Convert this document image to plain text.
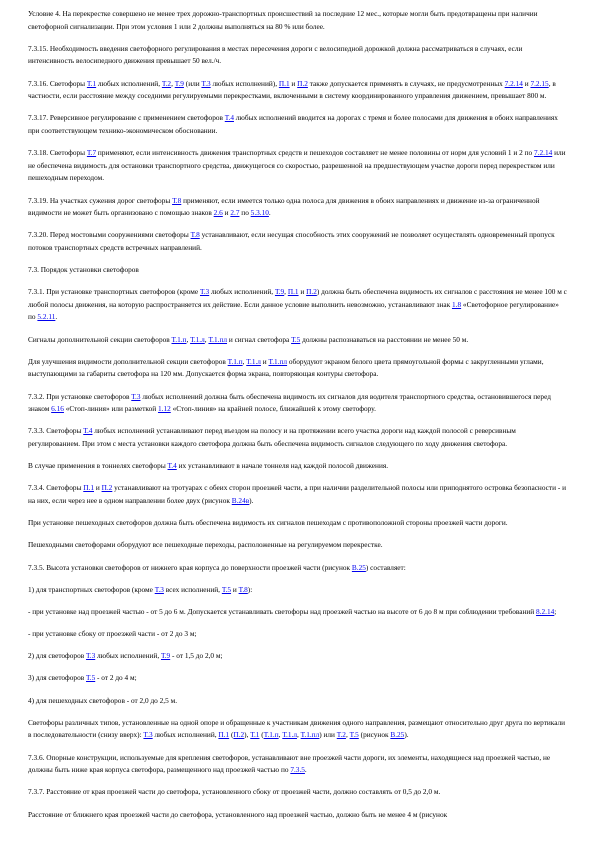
Условие 4. На перекрестке совершено не менее трех дорожно-транспортных происшествий за последние 12 мес., которые могли быть предотвращены при наличии светофорной сигнализации. При этом условия 1 или 2 должны выполняться на 80 % или более.

7.3.15. Необходимость введения светофорного регулирования в местах пересечения дороги с велосипедной дорожкой должна рассматриваться в случаях, если интенсивность велосипедного движения превышает 50 вел./ч.

7.3.16. Светофоры Т.1 любых исполнений, Т.2, Т.9 (или Т.3 любых исполнений), П.1 и П.2 также допускается применять в случаях, не предусмотренных 7.2.14 и 7.2.15, в частности, если расстояние между соседними регулируемыми перекрестками, включенными в систему координированного управления движением, превышает 800 м.

7.3.17. Реверсивное регулирование с применением светофоров Т.4 любых исполнений вводится на дорогах с тремя и более полосами для движения в обоих направлениях при соответствующем технико-экономическом обосновании.

7.3.18. Светофоры Т.7 применяют, если интенсивность движения транспортных средств и пешеходов составляет не менее половины от норм для условий 1 и 2 по 7.2.14 или не обеспечена видимость для остановки транспортного средства, движущегося со скоростью, разрешенной на предшествующем участке дороги перед перекрестком или пешеходным переходом.

7.3.19. На участках сужения дорог светофоры Т.8 применяют, если имеется только одна полоса для движения в обоих направлениях и движение из-за ограниченной видимости не может быть организовано с помощью знаков 2.6 и 2.7 по 5.3.10.

7.3.20. Перед мостовыми сооружениями светофоры Т.8 устанавливают, если несущая способность этих сооружений не позволяет осуществлять одновременный пропуск потоков транспортных средств встречных направлений.

7.3. Порядок установки светофоров

7.3.1. При установке транспортных светофоров (кроме Т.3 любых исполнений, Т.9, П.1 и П.2) должна быть обеспечена видимость их сигналов с расстояния не менее 100 м с любой полосы движения, на которую распространяется их действие. Если данное условие выполнить невозможно, устанавливают знак 1.8 «Светофорное регулирование» по 5.2.11.

Сигналы дополнительной секции светофоров Т.1.п, Т.1.л, Т.1.пл и сигнал светофора Т.5 должны распознаваться на расстоянии не менее 50 м.

Для улучшения видимости дополнительной секции светофоров Т.1.п, Т.1.л и Т.1.пл оборудуют экраном белого цвета прямоугольной формы с закругленными углами, выступающими за габариты светофора на 120 мм. Допускается форма экрана, повторяющая контуры светофора.

7.3.2. При установке светофоров Т.3 любых исполнений должна быть обеспечена видимость их сигналов для водителя транспортного средства, остановившегося перед знаком 6.16 «Стоп-линия» или разметкой 1.12 «Стоп-линия» на крайней полосе, ближайшей к этому светофору.

7.3.3. Светофоры Т.4 любых исполнений устанавливают перед въездом на полосу и на протяжении всего участка дороги над каждой полосой с реверсивным регулированием. При этом с места установки каждого светофора должна быть обеспечена видимость сигналов следующего по ходу движения светофора.

В случае применения в тоннелях светофоры Т.4 их устанавливают в начале тоннеля над каждой полосой движения.

7.3.4. Светофоры П.1 и П.2 устанавливают на тротуарах с обеих сторон проезжей части, а при наличии разделительной полосы или приподнятого островка безопасности - и на них, если через нее в одном направлении более двух (рисунок В.24в).

При установке пешеходных светофоров должна быть обеспечена видимость их сигналов пешеходам с противоположной стороны проезжей части дороги.

Пешеходными светофорами оборудуют все пешеходные переходы, расположенные на регулируемом перекрестке.

7.3.5. Высота установки светофоров от нижнего края корпуса до поверхности проезжей части (рисунок В.25) составляет:

1) для транспортных светофоров (кроме Т.3 всех исполнений, Т.5 и Т.8):

- при установке над проезжей частью - от 5 до 6 м. Допускается устанавливать светофоры над проезжей частью на высоте от 6 до 8 м при соблюдении требований 8.2.14;

- при установке сбоку от проезжей части - от 2 до 3 м;

2) для светофоров Т.3 любых исполнений, Т.9 - от 1,5 до 2,0 м;

3) для светофоров Т.5 - от 2 до 4 м;

4) для пешеходных светофоров - от 2,0 до 2,5 м.

Светофоры различных типов, установленные на одной опоре и обращенные к участникам движения одного направления, размещают относительно друг друга по вертикали в последовательности (снизу вверх): Т.3 любых исполнений, П.1 (П.2), Т.1 (Т.1.п, Т.1.л, Т.1.пл) или Т.2, Т.5 (рисунок В.25).

7.3.6. Опорные конструкции, используемые для крепления светофоров, устанавливают вне проезжей части дороги, их элементы, находящиеся над проезжей частью, не должны быть ниже края корпуса светофора, размещенного над проезжей частью по 7.3.5.

7.3.7. Расстояние от края проезжей части до светофора, установленного сбоку от проезжей части, должно составлять от 0,5 до 2,0 м.

Расстояние от ближнего края проезжей части до светофора, установленного над проезжей частью, должно быть не менее 4 м (рисунок
